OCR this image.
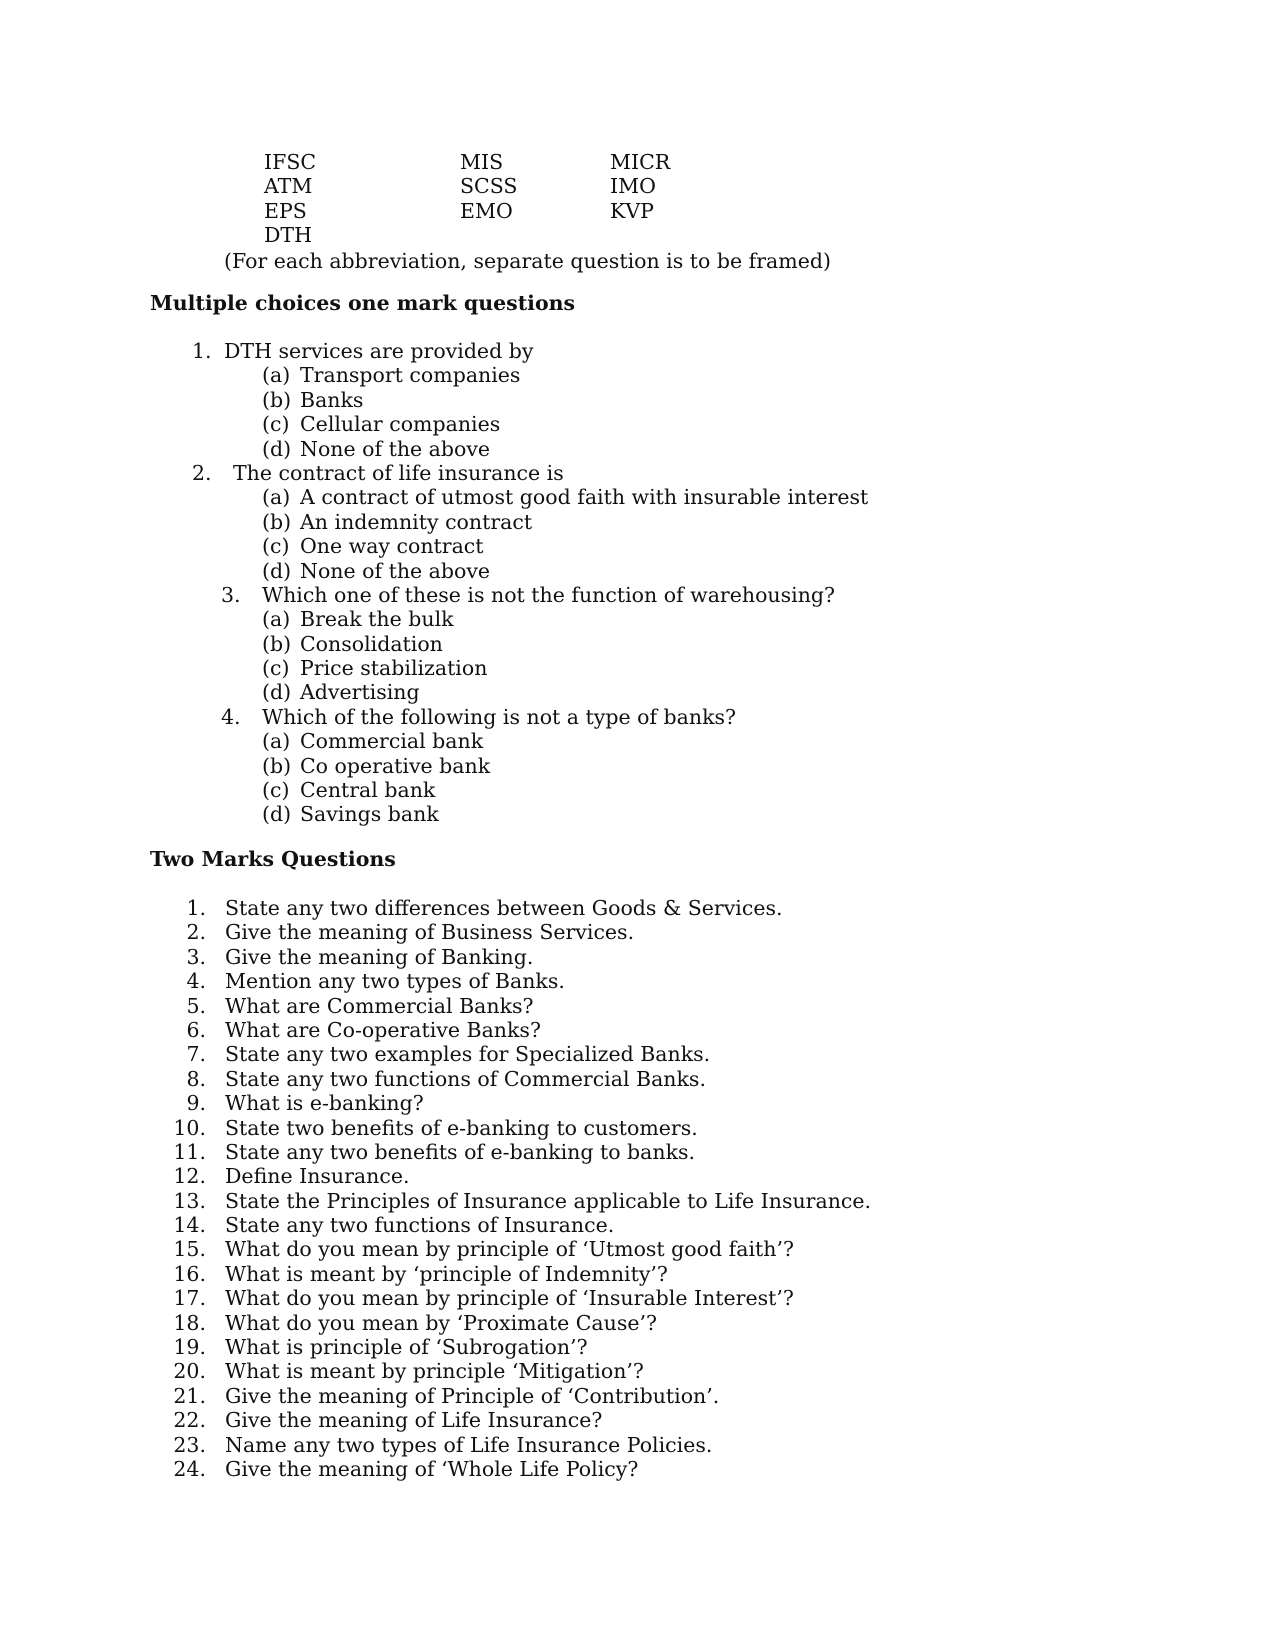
IFSC	MIS	MICR
ATM	SCSS	IMO
EPS	EMO	KVP
DTH
(For each abbreviation, separate question is to be framed)
Multiple choices one mark questions
1. DTH services are provided by
(a) Transport companies
(b) Banks
(c) Cellular companies
(d) None of the above
2. The contract of life insurance is
(a) A contract of utmost good faith with insurable interest
(b) An indemnity contract
(c) One way contract
(d) None of the above
3. Which one of these is not the function of warehousing?
(a) Break the bulk
(b) Consolidation
(c) Price stabilization
(d) Advertising
4. Which of the following is not a type of banks?
(a) Commercial bank
(b) Co operative bank
(c) Central bank
(d) Savings bank
Two Marks Questions
1. State any two differences between Goods & Services.
2. Give the meaning of Business Services.
3. Give the meaning of Banking.
4. Mention any two types of Banks.
5. What are Commercial Banks?
6. What are Co-operative Banks?
7. State any two examples for Specialized Banks.
8. State any two functions of Commercial Banks.
9. What is e-banking?
10. State two benefits of e-banking to customers.
11. State any two benefits of e-banking to banks.
12. Define Insurance.
13. State the Principles of Insurance applicable to Life Insurance.
14. State any two functions of Insurance.
15. What do you mean by principle of ‘Utmost good faith’?
16. What is meant by ‘principle of Indemnity’?
17. What do you mean by principle of ‘Insurable Interest’?
18. What do you mean by ‘Proximate Cause’?
19. What is principle of ‘Subrogation’?
20. What is meant by principle ‘Mitigation’?
21. Give the meaning of Principle of ‘Contribution’.
22. Give the meaning of Life Insurance?
23. Name any two types of Life Insurance Policies.
24. Give the meaning of ‘Whole Life Policy?
